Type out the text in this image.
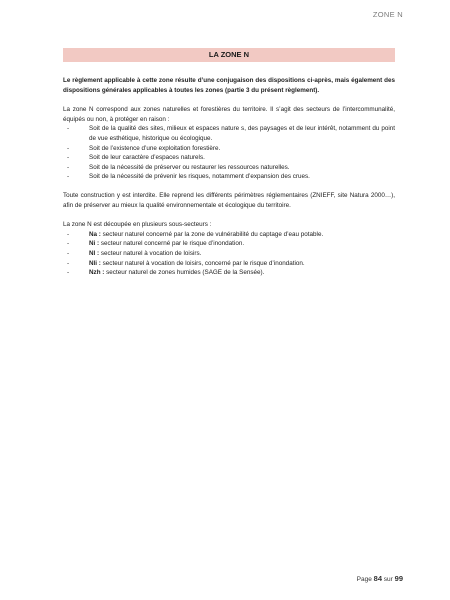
ZONE N
LA ZONE N

Le règlement applicable à cette zone résulte d’une conjugaison des dispositions ci-après, mais également des dispositions générales applicables à toutes les zones (partie 3 du présent règlement).

La zone N correspond aux zones naturelles et forestières du territoire. Il s’agit des secteurs de l’intercommunalité, équipés ou non, à protéger en raison :
- Soit de la qualité des sites, milieux et espaces nature s, des paysages et de leur intérêt, notamment du point de vue esthétique, historique ou écologique.
- Soit de l’existence d’une exploitation forestière.
- Soit de leur caractère d’espaces naturels.
- Soit de la nécessité de préserver ou restaurer les ressources naturelles.
- Soit de la nécessité de prévenir les risques, notamment d’expansion des crues.

Toute construction y est interdite. Elle reprend les différents périmètres réglementaires (ZNIEFF, site Natura 2000…), afin de préserver au mieux la qualité environnementale et écologique du territoire.

La zone N est découpée en plusieurs sous-secteurs :
- Na : secteur naturel concerné par la zone de vulnérabilité du captage d’eau potable.
- Ni : secteur naturel concerné par le risque d’inondation.
- Nl : secteur naturel à vocation de loisirs.
- Nli : secteur naturel à vocation de loisirs, concerné par le risque d’inondation.
- Nzh : secteur naturel de zones humides (SAGE de la Sensée).
Page 84 sur 99
